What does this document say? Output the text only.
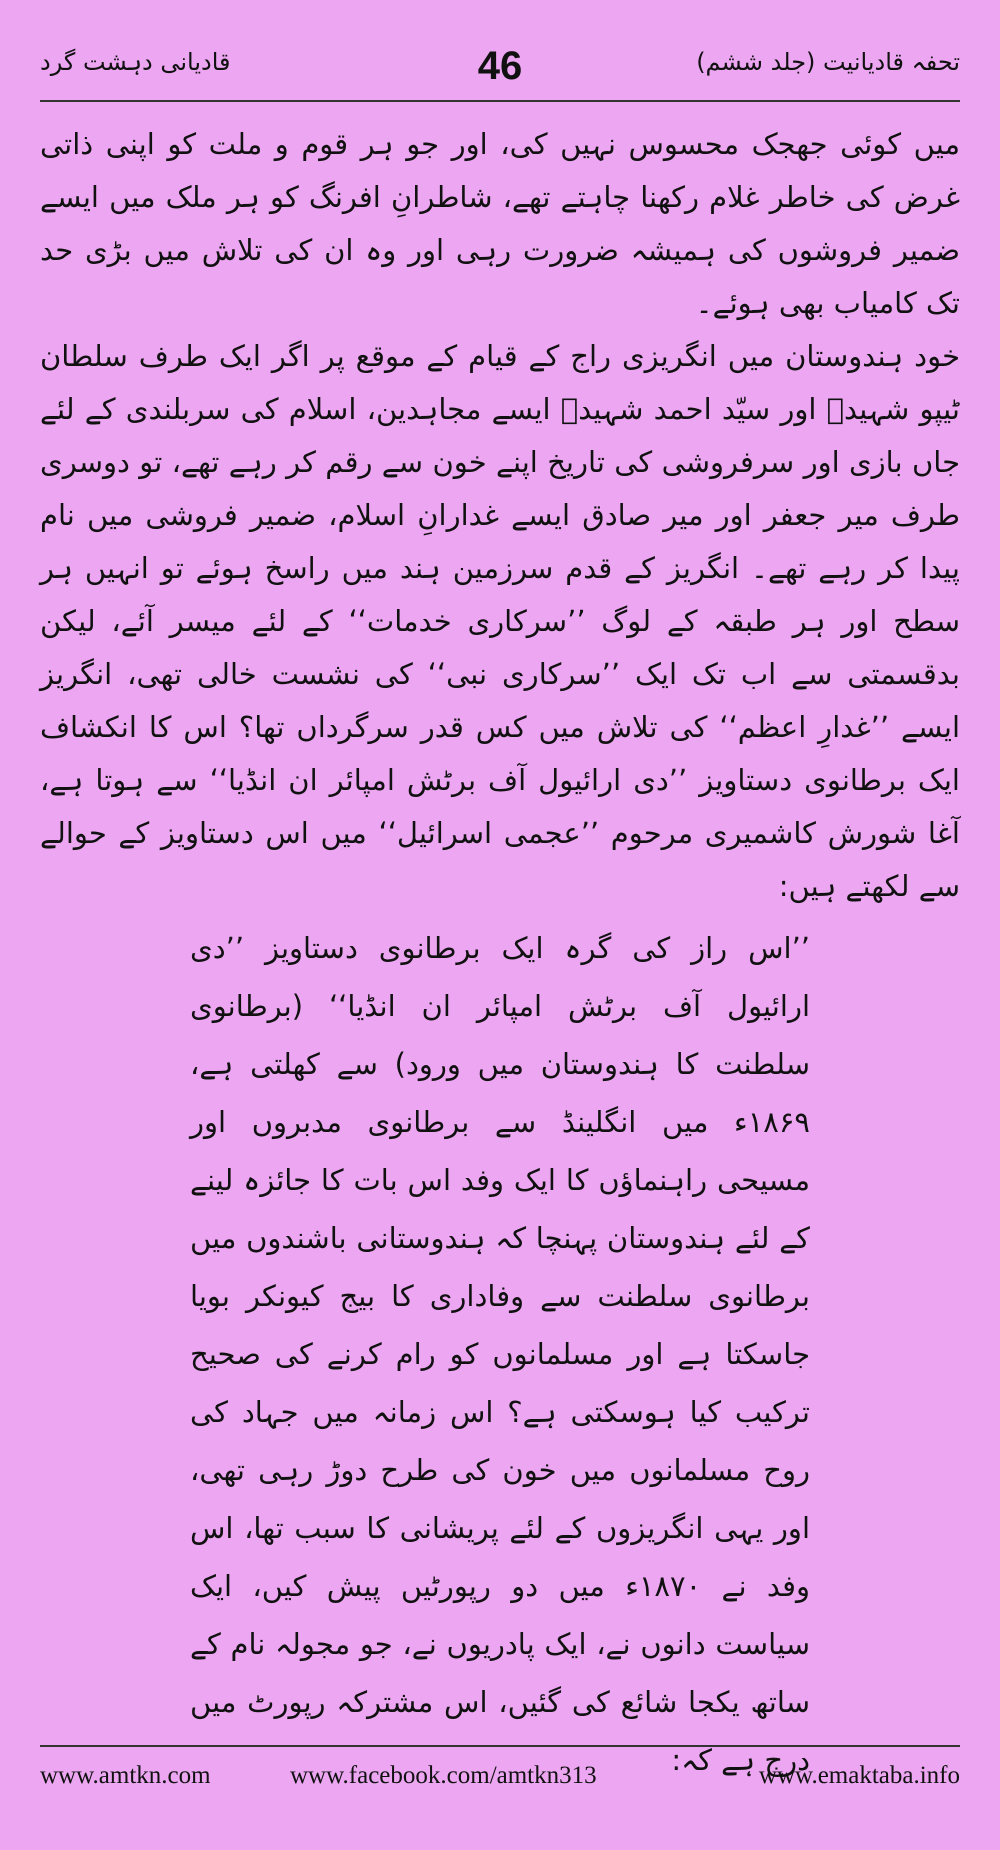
قادیانی دہشت گرد	46	تحفہ قادیانیت (جلد ششم)

میں کوئی جھجک محسوس نہیں کی، اور جو ہر قوم و ملت کو اپنی ذاتی غرض کی خاطر غلام رکھنا چاہتے تھے، شاطرانِ افرنگ کو ہر ملک میں ایسے ضمیر فروشوں کی ہمیشہ ضرورت رہی اور وہ ان کی تلاش میں بڑی حد تک کامیاب بھی ہوئے۔

خود ہندوستان میں انگریزی راج کے قیام کے موقع پر اگر ایک طرف سلطان ٹیپو شہیدؒ اور سیّد احمد شہیدؒ ایسے مجاہدین، اسلام کی سربلندی کے لئے جاں بازی اور سرفروشی کی تاریخ اپنے خون سے رقم کر رہے تھے، تو دوسری طرف میر جعفر اور میر صادق ایسے غدارانِ اسلام، ضمیر فروشی میں نام پیدا کر رہے تھے۔ انگریز کے قدم سرزمین ہند میں راسخ ہوئے تو انہیں ہر سطح اور ہر طبقہ کے لوگ ’’سرکاری خدمات‘‘ کے لئے میسر آئے، لیکن بدقسمتی سے اب تک ایک ’’سرکاری نبی‘‘ کی نشست خالی تھی، انگریز ایسے ’’غدارِ اعظم‘‘ کی تلاش میں کس قدر سرگرداں تھا؟ اس کا انکشاف ایک برطانوی دستاویز ’’دی ارائیول آف برٹش امپائر ان انڈیا‘‘ سے ہوتا ہے، آغا شورش کاشمیری مرحوم ’’عجمی اسرائیل‘‘ میں اس دستاویز کے حوالے سے لکھتے ہیں:

’’اس راز کی گرہ ایک برطانوی دستاویز ’’دی ارائیول آف برٹش امپائر ان انڈیا‘‘ (برطانوی سلطنت کا ہندوستان میں ورود) سے کھلتی ہے، ۱۸۶۹ء میں انگلینڈ سے برطانوی مدبروں اور مسیحی راہنماؤں کا ایک وفد اس بات کا جائزہ لینے کے لئے ہندوستان پہنچا کہ ہندوستانی باشندوں میں برطانوی سلطنت سے وفاداری کا بیج کیونکر بویا جاسکتا ہے اور مسلمانوں کو رام کرنے کی صحیح ترکیب کیا ہوسکتی ہے؟ اس زمانہ میں جہاد کی روح مسلمانوں میں خون کی طرح دوڑ رہی تھی، اور یہی انگریزوں کے لئے پریشانی کا سبب تھا، اس وفد نے ۱۸۷۰ء میں دو رپورٹیں پیش کیں، ایک سیاست دانوں نے، ایک پادریوں نے، جو مجولہ نام کے ساتھ یکجا شائع کی گئیں، اس مشترکہ رپورٹ میں درج ہے کہ:

www.amtkn.com	www.facebook.com/amtkn313	www.emaktaba.info
